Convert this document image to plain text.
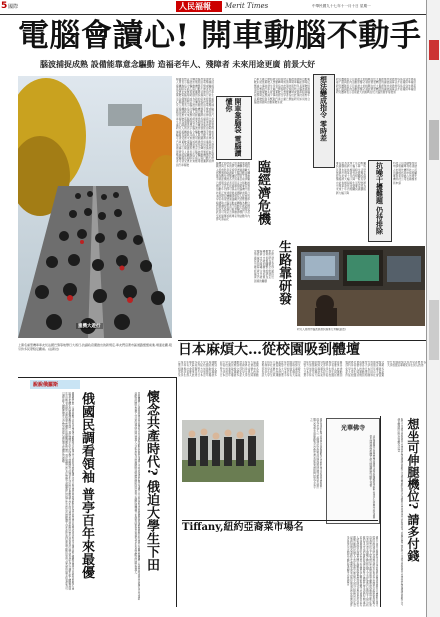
5 國際	人民福報 Merit Times	中華民國九十七年十一月十日 星期一
電腦會讀心! 開車動腦不動手
腦波捕捉成熟 設備能靠意念驅動 造福老年人、殘障者 未來用途更廣 前景大好
重機大遊行
上萬名重型機車車友於法國巴黎等地舉行大遊行,抗議政府擬推出的新規定,車友們沿著市區道路緩緩前進,場面壯觀,吸引許多民眾駐足觀看。(法新社)
閱讀思想意念傳送遙控裝置研究人員表示腦波訊號經由電極捕捉後轉換指令驅動機器手臂或輪椅長期臥床病人與行動不便者可望受惠未來應用範圍將延伸到汽車駕駛電腦遊戲通訊設備與日常生活各個層面成為新的產業發展重心閱讀思想意念傳送遙控裝置研究人員表示腦波訊號經由電極捕捉後轉換指令驅動機器手臂或輪椅長期臥床病人與行動不便者可望受惠未來應用範圍將延伸到汽車駕駛電腦遊戲通訊設備與日常生活各個層面成為新的產業發展重心閱讀思想意念傳送遙控裝置研究人員表示腦波訊號經由電極捕捉後轉換指令驅動機器手臂或輪椅長期臥床病人與行動不便者可望受惠未來應用範圍將延伸到汽車駕駛電腦遊戲通訊設備與日常生活各個層面成為新的產業發展重心閱讀思想意念傳送遙控裝置研究人員表示腦波訊號經由電極捕捉後轉換指令驅動機器手臂或輪椅長期臥床病人與行動不便者可望受惠未來應用範圍將延伸到汽車駕駛
開車靠腦袋 電腦讀懂你
腦機介面技術正快速發展美國歐洲與日本的研究機構爭相投入經費科學家希望透過頭戴式感應器即時讀取大腦活動並轉換為數位訊號讓使用者不用動手就能操控各式設備目前實驗已證明受試者可用意念移動游標打字甚至玩簡單遊戲專家預估數年內即可商品化腦機介面技術正快速發展美國歐洲與日本的研究機構爭相投入經費科學家希望透過頭戴式感應器即時讀取大腦活動並轉換為數位訊號讓使用者不用動手就能操控各式設備目前實驗已證明受試者可用意念移動游標打字甚至玩簡單遊戲專家預估數年內即可商品化
汽車大廠已開始研究如何結合腦波偵測與自動駕駛系統當駕駛人想要轉彎或煞車時車輛能即時反應減少事故發生學者指出此項技術對年長駕駛特別有幫助汽車大廠已開始研究如何結合腦波偵測與自動駕駛系統當駕駛人想要轉彎或煞車時車輛能即時反應減少事故發生學者指出此項技術對年長駕駛特別有幫助汽車大廠已開始研究如何結合腦波偵測與自動駕駛系統	想法變成指令 零時差	研究團隊表示目前最大的挑戰在於大腦訊號非常微弱容易受到外界電磁干擾與肌肉活動影響必須發展更精密的濾波演算法才能確保準確度研究團隊表示目前最大的挑戰在於大腦訊號非常微弱容易受到外界電磁干擾與肌肉活動影響必須發展更精密的濾波演算法才能確保準確度研究團隊表示目前最大的挑戰在於大腦訊號非常微弱
抗噪干擾難題 仍待排除
專家認為未來十年內相關設備價格將大幅下降一般民眾也能負擔屆時生活型態將出現革命性改變專家認為未來十年內相關設備價格將大幅下降一般民眾也能負擔屆時生活型態將出現革命性改變專家認為未來十年內相關設備價格將大幅下降
科技公司也積極布局申請相關專利希望搶占市場先機科技公司也積極布局申請相關專利希望搶占市場先機科技公司也積極布局申請
臨經濟危機
生路靠研發
金融海嘯衝擊全球經濟企業紛紛縮減支出但研發投資仍被視為走出困境的關鍵金融海嘯衝擊全球經濟企業紛紛縮減支出但研發投資仍被視為走出困境的關鍵
研究人員操作腦波偵測設備進行實驗(路透)
日本麻煩大…從校園吸到體壇
日本近年爆發多起大學生與運動選手持有大麻案件從校園延燒到相撲界社會震驚警方加強取締文部科學省要求各大學加強宣導避免學生誤入歧途日本近年爆發多起大學生與運動選手持有大麻案件從校園延燒到相撲界社會震驚警方加強取締文部科學省要求各大學加強宣導避免學生誤入歧途日本近年爆發多起大學生與運動選手持有大麻案件從校園延燒到相撲界社會震驚警方加強取締文部科學省要求各大學加強宣導避免學生誤入歧途日本近年爆發多起大學生與運動選手持有大麻案件從校園延燒到相撲界社會震驚警方加強取締文部科學省要求各大學加強宣導避免學生誤入歧途日本近年爆發多起大學生與運動選手持有大麻案件從校園延燒到相撲界社會震驚警方加強取締文部科學省要求各大學加強宣導避免學生誤入歧途日本近年爆發多起大學生與運動選手持有大麻案件從校園延燒到相撲界社會震驚警方加強取締文部科學省要求各大學加強宣導避免學生誤入歧途
說說俄羅斯
俄羅斯近期一項民調顯示許多民眾懷念蘇聯時代的穩定生活政府也推動讓大學生前往農村參與勞動的計畫引發各界討論支持者認為可以讓年輕人體驗基層生活反對者則擔心重蹈過去集體化的覆轍俄羅斯近期一項民調顯示許多民眾懷念蘇聯時代的穩定生活政府也推動讓大學生前往農村參與勞動的計畫引發各界討論支持者認為可以讓年輕人體驗基層生活反對者則擔心重蹈過去集體化的覆轍俄羅斯近期一項民調顯示許多民眾懷念蘇聯時代的穩定生活政府也推動讓大學生前往農村參與勞動的計畫引發各界討論支持者認為可以讓年輕人體驗基層生活反對者則擔心重蹈過去集體化的覆轍	俄國民調看領袖 普亭百年來最優	民調機構公布調查結果普亭被選為百年來最受歡迎的國家領導人支持度遠高於歷任領導人分析家認為這與俄國經濟復甦與國際地位提升有關民調機構公布調查結果普亭被選為百年來最受歡迎的國家領導人支持度遠高於歷任領導人分析家認為這與俄國經濟復甦與國際地位提升有關民調機構公布調查結果普亭被選為百年來最受歡迎的國家領導人 懷念共產時代? 俄迫大學生下田	紐約市統計顯示亞裔家長最喜歡為女兒取名蒂芙妮成為最熱門的英文名字之一反映移民家庭對品味與時尚的嚮往紐約市統計顯示亞裔家長最喜歡為女兒取名蒂芙妮成為最熱門的英文名字之一
光華佛寺
寺院清幽香火鼎盛信眾絡繹不絕法師講經說法勸人為善心存慈悲寺院清幽香火鼎盛信眾絡繹不絕法師講經說法勸人為善
Tiffany,紐約亞裔菜市場名
研究人員分析紐約市出生登記資料發現亞裔新生女嬰取名蒂芙妮的比例遠高於其他族裔許多家長表示這個名字聽起來高雅又容易發音也有人認為與知名珠寶品牌有關象徵富貴與品味社會學者指出命名趨勢反映移民融入主流社會的心態研究人員分析紐約市出生登記資料發現亞裔新生女嬰取名蒂芙妮的比例遠高於其他族裔許多家長表示這個名字聽起來高雅又容易發音也有人認為與知名珠寶品牌有關象徵富貴與品味社會學者指出命名趨勢反映移民融入主流社會的心態研究人員分析紐約市出生登記資料發現亞裔新生女嬰取名蒂芙妮的比例遠高於其他族裔許多家長表示這個名字聽起來高雅又容易發音	航空公司推出新收費方案乘客若想選擇空間較大可伸直雙腿的座位必須額外付費業者表示此舉是為了因應油價上漲航空公司推出新收費方案乘客若想選擇空間較大可伸直雙腿的座位必須額外付費 想坐可伸腿機位? 請多付錢
